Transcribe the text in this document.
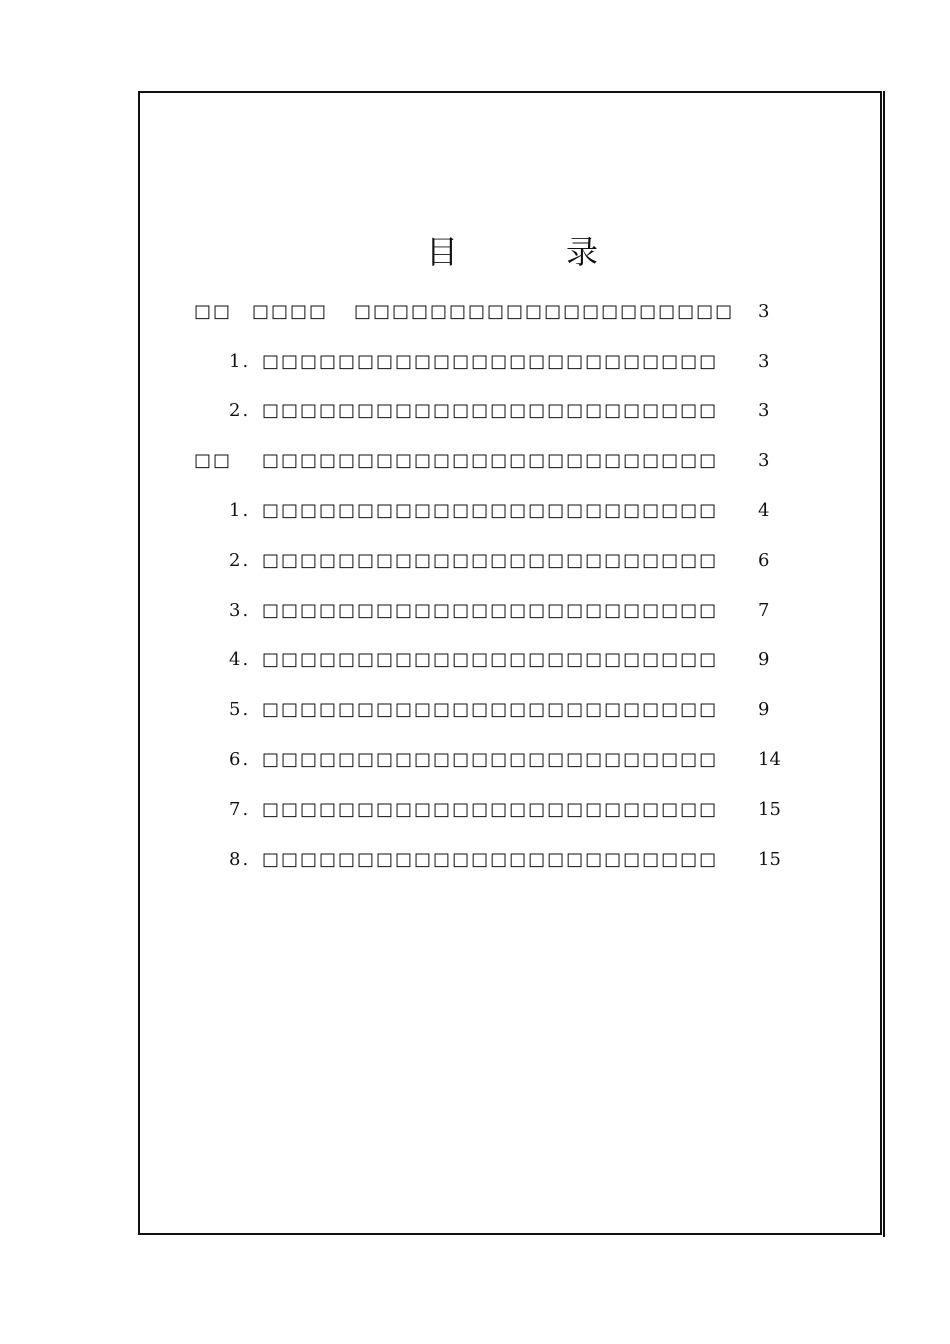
目	录
□□ □□□□ □□□□□□□□□□□□□□□□□□□□ 3
1. □□□□□□□□□□□□□□□□□□□□□□□□ 3
2. □□□□□□□□□□□□□□□□□□□□□□□□ 3
□□ □□□□□□□□□□□□□□□□□□□□□□□□ 3
1. □□□□□□□□□□□□□□□□□□□□□□□□ 4
2. □□□□□□□□□□□□□□□□□□□□□□□□ 6
3. □□□□□□□□□□□□□□□□□□□□□□□□ 7
4. □□□□□□□□□□□□□□□□□□□□□□□□ 9
5. □□□□□□□□□□□□□□□□□□□□□□□□ 9
6. □□□□□□□□□□□□□□□□□□□□□□□□ 14
7. □□□□□□□□□□□□□□□□□□□□□□□□ 15
8. □□□□□□□□□□□□□□□□□□□□□□□□ 15
